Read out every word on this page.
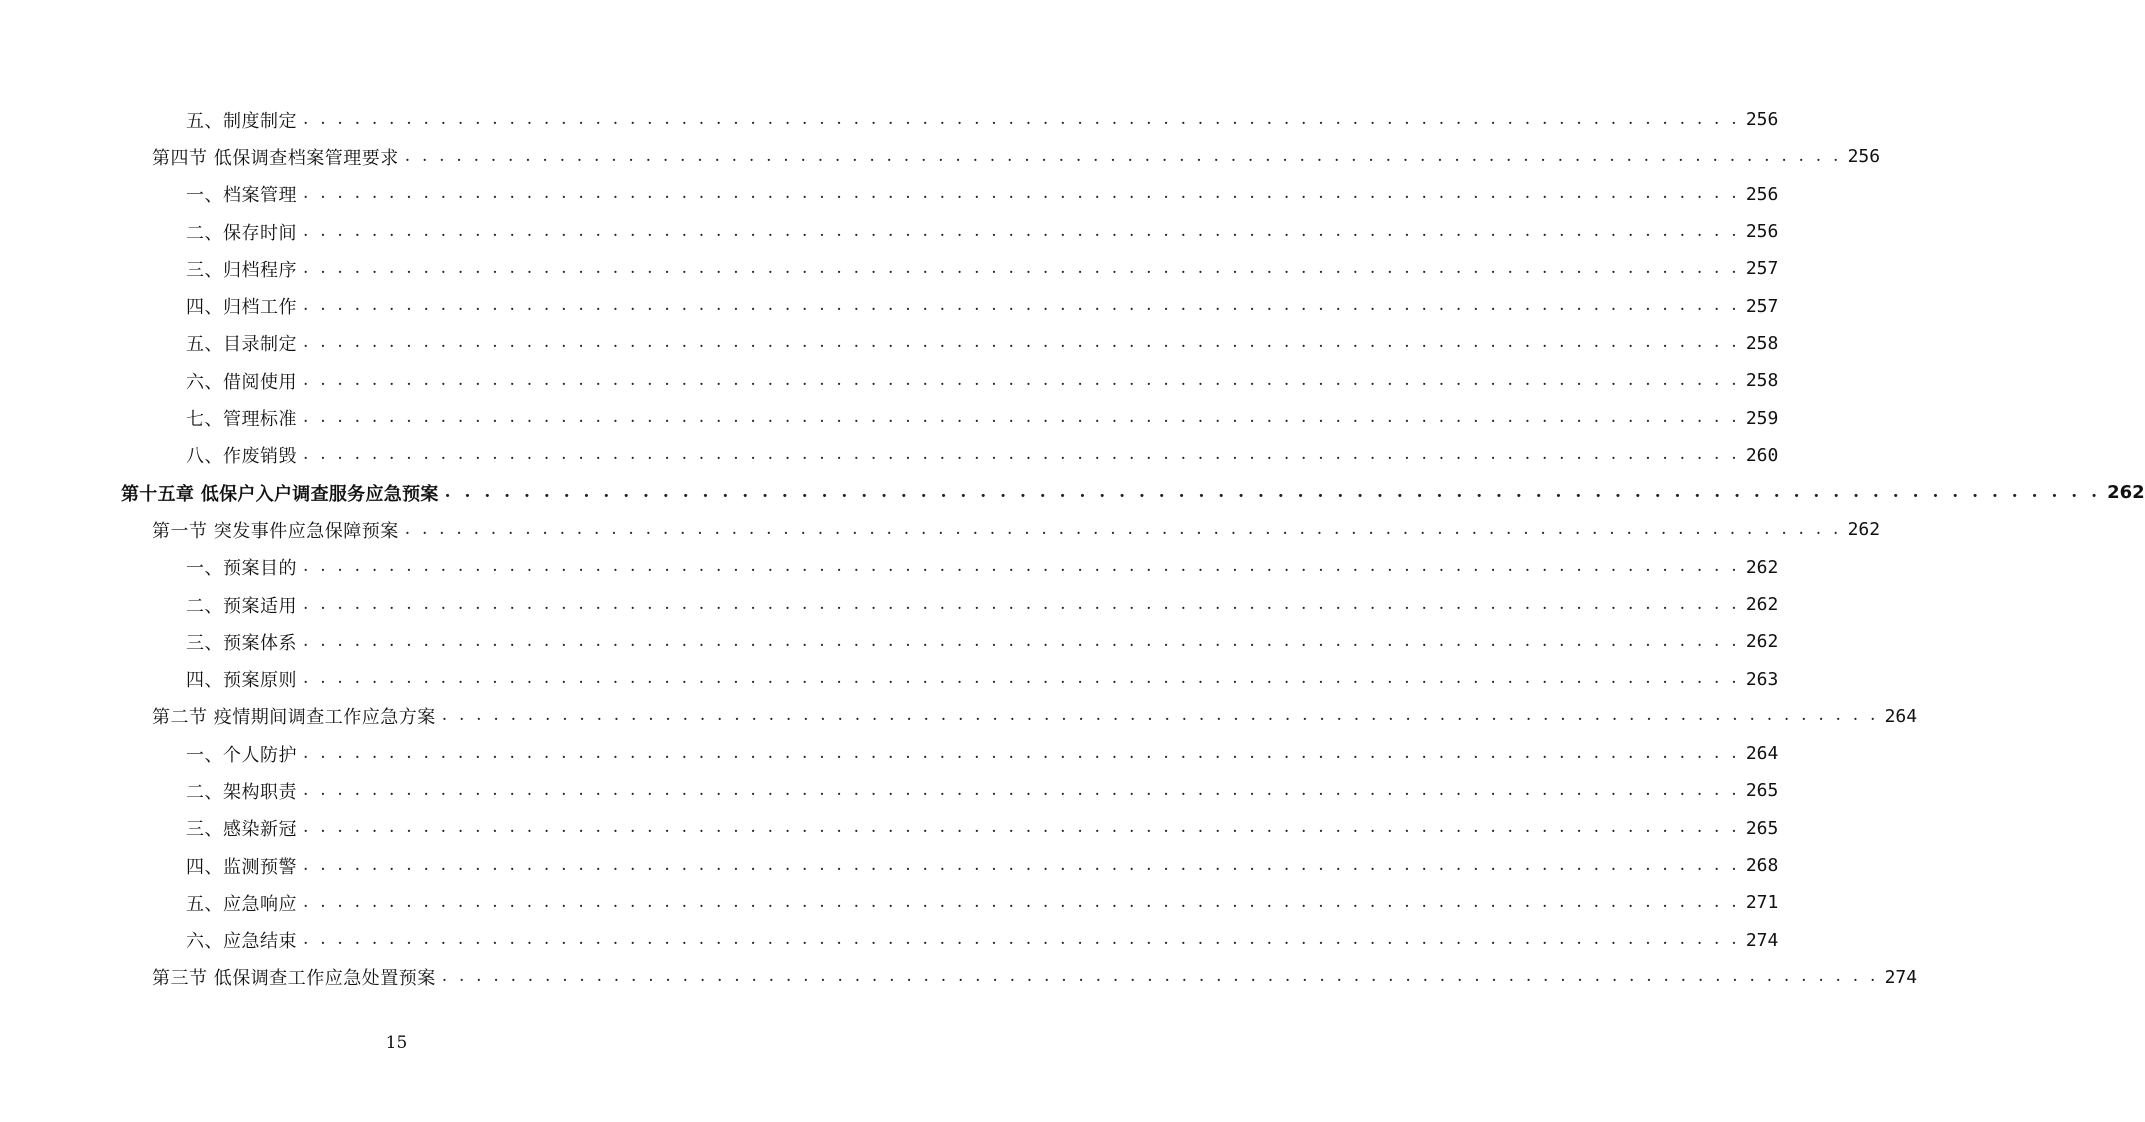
五、制度制定 . . . . . . . . . . . . . . . . . . . . . . . . . . . . . . . . . . . . . . . . . . . . . . . . . . . . . . . . . . . . . . . . . . . . . . . . . . . . . . . . . . . . 256
第四节 低保调查档案管理要求 . . . . . . . . . . . . . . . . . . . . . . . . . . . . . . . . . . . . . . . . . . . . . . . . . . . . . . . . . . . . . . . . . . . . . . . . . . . . . . . . . . . . 256
一、档案管理 . . . . . . . . . . . . . . . . . . . . . . . . . . . . . . . . . . . . . . . . . . . . . . . . . . . . . . . . . . . . . . . . . . . . . . . . . . . . . . . . . . . . 256
二、保存时间 . . . . . . . . . . . . . . . . . . . . . . . . . . . . . . . . . . . . . . . . . . . . . . . . . . . . . . . . . . . . . . . . . . . . . . . . . . . . . . . . . . . . 256
三、归档程序 . . . . . . . . . . . . . . . . . . . . . . . . . . . . . . . . . . . . . . . . . . . . . . . . . . . . . . . . . . . . . . . . . . . . . . . . . . . . . . . . . . . . 257
四、归档工作 . . . . . . . . . . . . . . . . . . . . . . . . . . . . . . . . . . . . . . . . . . . . . . . . . . . . . . . . . . . . . . . . . . . . . . . . . . . . . . . . . . . . 257
五、目录制定 . . . . . . . . . . . . . . . . . . . . . . . . . . . . . . . . . . . . . . . . . . . . . . . . . . . . . . . . . . . . . . . . . . . . . . . . . . . . . . . . . . . . 258
六、借阅使用 . . . . . . . . . . . . . . . . . . . . . . . . . . . . . . . . . . . . . . . . . . . . . . . . . . . . . . . . . . . . . . . . . . . . . . . . . . . . . . . . . . . . 258
七、管理标准 . . . . . . . . . . . . . . . . . . . . . . . . . . . . . . . . . . . . . . . . . . . . . . . . . . . . . . . . . . . . . . . . . . . . . . . . . . . . . . . . . . . . 259
八、作废销毁 . . . . . . . . . . . . . . . . . . . . . . . . . . . . . . . . . . . . . . . . . . . . . . . . . . . . . . . . . . . . . . . . . . . . . . . . . . . . . . . . . . . . 260
第十五章 低保户入户调查服务应急预案 . . . . . . . . . . . . . . . . . . . . . . . . . . . . . . . . . . . . . . . . . . . . . . . . . . . . . . . . . . . . . . . . . . . . . . . . . . . . . . . . . . . . 262
第一节 突发事件应急保障预案 . . . . . . . . . . . . . . . . . . . . . . . . . . . . . . . . . . . . . . . . . . . . . . . . . . . . . . . . . . . . . . . . . . . . . . . . . . . . . . . . . . . . 262
一、预案目的 . . . . . . . . . . . . . . . . . . . . . . . . . . . . . . . . . . . . . . . . . . . . . . . . . . . . . . . . . . . . . . . . . . . . . . . . . . . . . . . . . . . . 262
二、预案适用 . . . . . . . . . . . . . . . . . . . . . . . . . . . . . . . . . . . . . . . . . . . . . . . . . . . . . . . . . . . . . . . . . . . . . . . . . . . . . . . . . . . . 262
三、预案体系 . . . . . . . . . . . . . . . . . . . . . . . . . . . . . . . . . . . . . . . . . . . . . . . . . . . . . . . . . . . . . . . . . . . . . . . . . . . . . . . . . . . . 262
四、预案原则 . . . . . . . . . . . . . . . . . . . . . . . . . . . . . . . . . . . . . . . . . . . . . . . . . . . . . . . . . . . . . . . . . . . . . . . . . . . . . . . . . . . . 263
第二节 疫情期间调查工作应急方案 . . . . . . . . . . . . . . . . . . . . . . . . . . . . . . . . . . . . . . . . . . . . . . . . . . . . . . . . . . . . . . . . . . . . . . . . . . . . . . . . . . . . 264
一、个人防护 . . . . . . . . . . . . . . . . . . . . . . . . . . . . . . . . . . . . . . . . . . . . . . . . . . . . . . . . . . . . . . . . . . . . . . . . . . . . . . . . . . . . 264
二、架构职责 . . . . . . . . . . . . . . . . . . . . . . . . . . . . . . . . . . . . . . . . . . . . . . . . . . . . . . . . . . . . . . . . . . . . . . . . . . . . . . . . . . . . 265
三、感染新冠 . . . . . . . . . . . . . . . . . . . . . . . . . . . . . . . . . . . . . . . . . . . . . . . . . . . . . . . . . . . . . . . . . . . . . . . . . . . . . . . . . . . . 265
四、监测预警 . . . . . . . . . . . . . . . . . . . . . . . . . . . . . . . . . . . . . . . . . . . . . . . . . . . . . . . . . . . . . . . . . . . . . . . . . . . . . . . . . . . . 268
五、应急响应 . . . . . . . . . . . . . . . . . . . . . . . . . . . . . . . . . . . . . . . . . . . . . . . . . . . . . . . . . . . . . . . . . . . . . . . . . . . . . . . . . . . . 271
六、应急结束 . . . . . . . . . . . . . . . . . . . . . . . . . . . . . . . . . . . . . . . . . . . . . . . . . . . . . . . . . . . . . . . . . . . . . . . . . . . . . . . . . . . . 274
第三节 低保调查工作应急处置预案 . . . . . . . . . . . . . . . . . . . . . . . . . . . . . . . . . . . . . . . . . . . . . . . . . . . . . . . . . . . . . . . . . . . . . . . . . . . . . . . . . . . . 274
15
